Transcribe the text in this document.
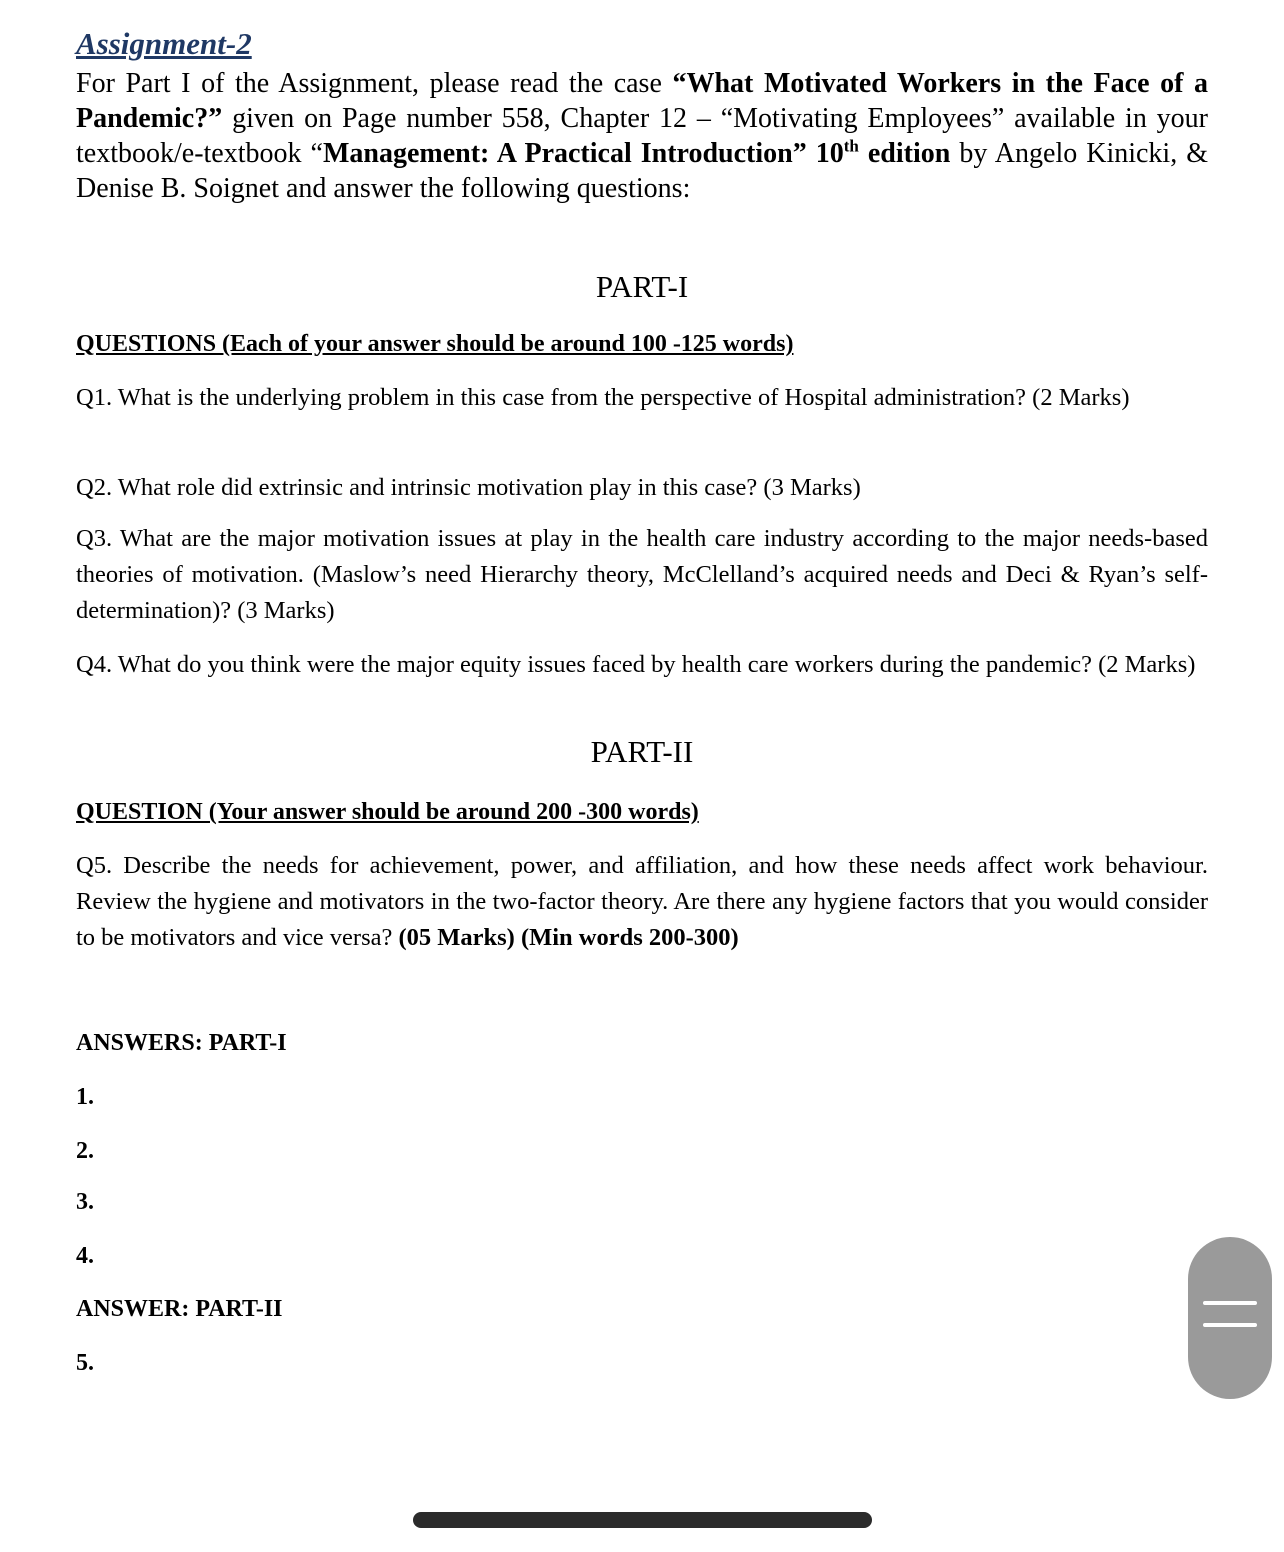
Assignment-2
For Part I of the Assignment, please read the case “What Motivated Workers in the Face of a Pandemic?” given on Page number 558, Chapter 12 – “Motivating Employees” available in your textbook/e-textbook “Management: A Practical Introduction” 10th edition by Angelo Kinicki, & Denise B. Soignet and answer the following questions:
PART-I
QUESTIONS (Each of your answer should be around 100 -125 words)
Q1. What is the underlying problem in this case from the perspective of Hospital administration? (2 Marks)
Q2. What role did extrinsic and intrinsic motivation play in this case? (3 Marks)
Q3. What are the major motivation issues at play in the health care industry according to the major needs-based theories of motivation. (Maslow’s need Hierarchy theory, McClelland’s acquired needs and Deci & Ryan’s self-determination)? (3 Marks)
Q4. What do you think were the major equity issues faced by health care workers during the pandemic? (2 Marks)
PART-II
QUESTION (Your answer should be around 200 -300 words)
Q5. Describe the needs for achievement, power, and affiliation, and how these needs affect work behaviour. Review the hygiene and motivators in the two-factor theory. Are there any hygiene factors that you would consider to be motivators and vice versa? (05 Marks) (Min words 200-300)
ANSWERS: PART-I
1.
2.
3.
4.
ANSWER: PART-II
5.
